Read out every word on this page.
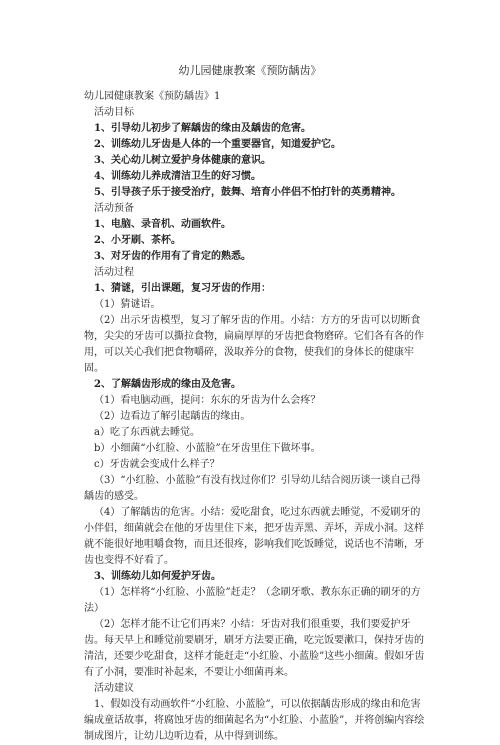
幼儿园健康教案《预防龋齿》
幼儿园健康教案《预防龋齿》1
活动目标
1、引导幼儿初步了解龋齿的缘由及龋齿的危害。
2、训练幼儿牙齿是人体的一个重要器官，知道爱护它。
3、关心幼儿树立爱护身体健康的意识。
4、训练幼儿养成清洁卫生的好习惯。
5、引导孩子乐于接受治疗，鼓舞、培育小伴侣不怕打针的英勇精神。
活动预备
1、电脑、录音机、动画软件。
2、小牙刷、茶杯。
3、对牙齿的作用有了肯定的熟悉。
活动过程
1、猜谜，引出课题，复习牙齿的作用：
（1）猜谜语。
（2）出示牙齿模型，复习了解牙齿的作用。小结：方方的牙齿可以切断食物，尖尖的牙齿可以撕拉食物，扁扁厚厚的牙齿把食物磨碎。它们各有各的作用，可以关心我们把食物嚼碎，汲取养分的食物，使我们的身体长的健康牢固。
2、了解龋齿形成的缘由及危害。
（1）看电脑动画，提问：东东的牙齿为什么会疼？
（2）边看边了解引起龋齿的缘由。
a）吃了东西就去睡觉。
b）小细菌“小红脸、小蓝脸”在牙齿里住下做坏事。
c）牙齿就会变成什么样子？
（3）“小红脸、小蓝脸”有没有找过你们？引导幼儿结合阅历谈一谈自己得龋齿的感受。
（4）了解龋齿的危害。小结：爱吃甜食，吃过东西就去睡觉，不爱刷牙的小伴侣，细菌就会在他的牙齿里住下来，把牙齿弄黑、弄坏，弄成小洞。这样就不能很好地咀嚼食物，而且还很疼，影响我们吃饭睡觉，说话也不清晰，牙齿也变得不好看了。
3、训练幼儿如何爱护牙齿。
（1）怎样将“小红脸、小蓝脸”赶走？（念刷牙歌、教东东正确的刷牙的方法）
（2）怎样才能不让它们再来？小结：牙齿对我们很重要，我们要爱护牙齿。每天早上和睡觉前要刷牙，刷牙方法要正确，吃完饭要漱口，保持牙齿的清洁，还要少吃甜食，这样才能赶走“小红脸、小蓝脸”这些小细菌。假如牙齿有了小洞，要准时补起来，不要让小细菌再来。
活动建议
1、假如没有动画软件“小红脸、小蓝脸”，可以依据龋齿形成的缘由和危害编成童话故事，将腐蚀牙齿的细菌起名为“小红脸、小蓝脸”，并将创编内容绘制成图片，让幼儿边听边看，从中得到训练。
